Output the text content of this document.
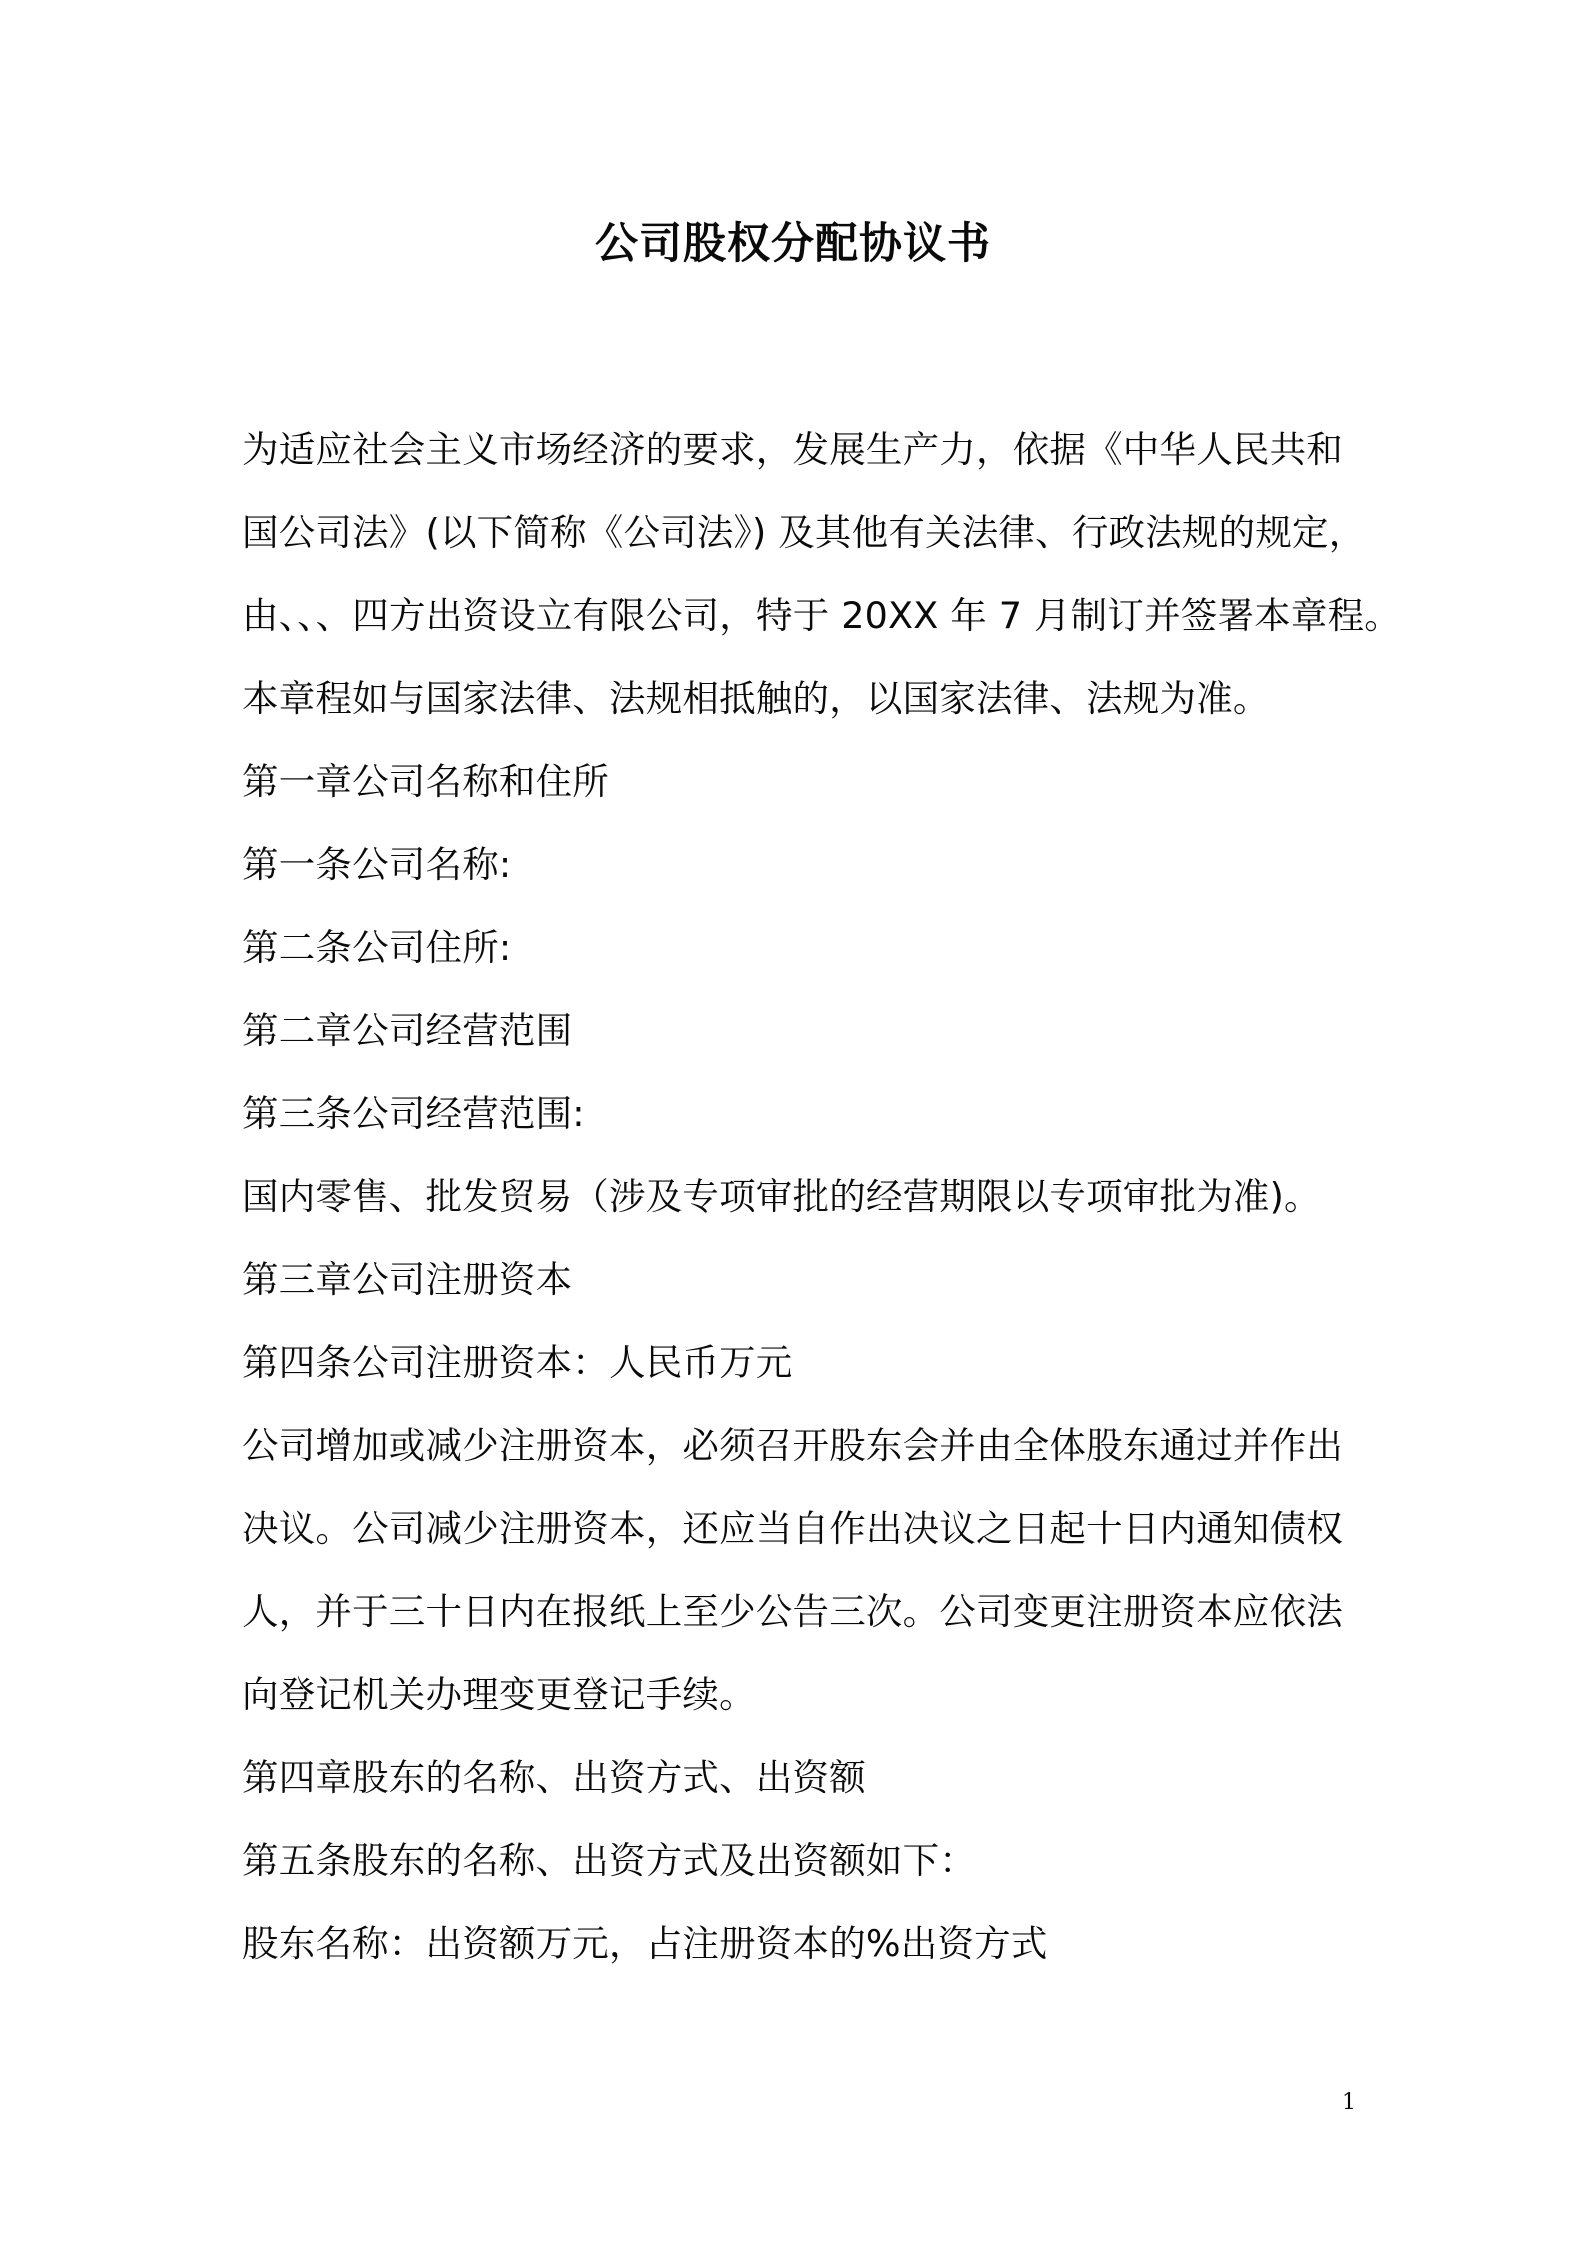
公司股权分配协议书
为适应社会主义市场经济的要求，发展生产力，依据《中华人民共和
国公司法》(以下简称《公司法》) 及其他有关法律、行政法规的规定，
由、、、四方出资设立有限公司，特于 20XX 年 7 月制订并签署本章程。
本章程如与国家法律、法规相抵触的，以国家法律、法规为准。
第一章公司名称和住所
第一条公司名称:
第二条公司住所:
第二章公司经营范围
第三条公司经营范围:
国内零售、批发贸易（涉及专项审批的经营期限以专项审批为准)。
第三章公司注册资本
第四条公司注册资本：人民币万元
公司增加或减少注册资本，必须召开股东会并由全体股东通过并作出
决议。公司减少注册资本，还应当自作出决议之日起十日内通知债权
人，并于三十日内在报纸上至少公告三次。公司变更注册资本应依法
向登记机关办理变更登记手续。
第四章股东的名称、出资方式、出资额
第五条股东的名称、出资方式及出资额如下：
股东名称：出资额万元，占注册资本的%出资方式
1
